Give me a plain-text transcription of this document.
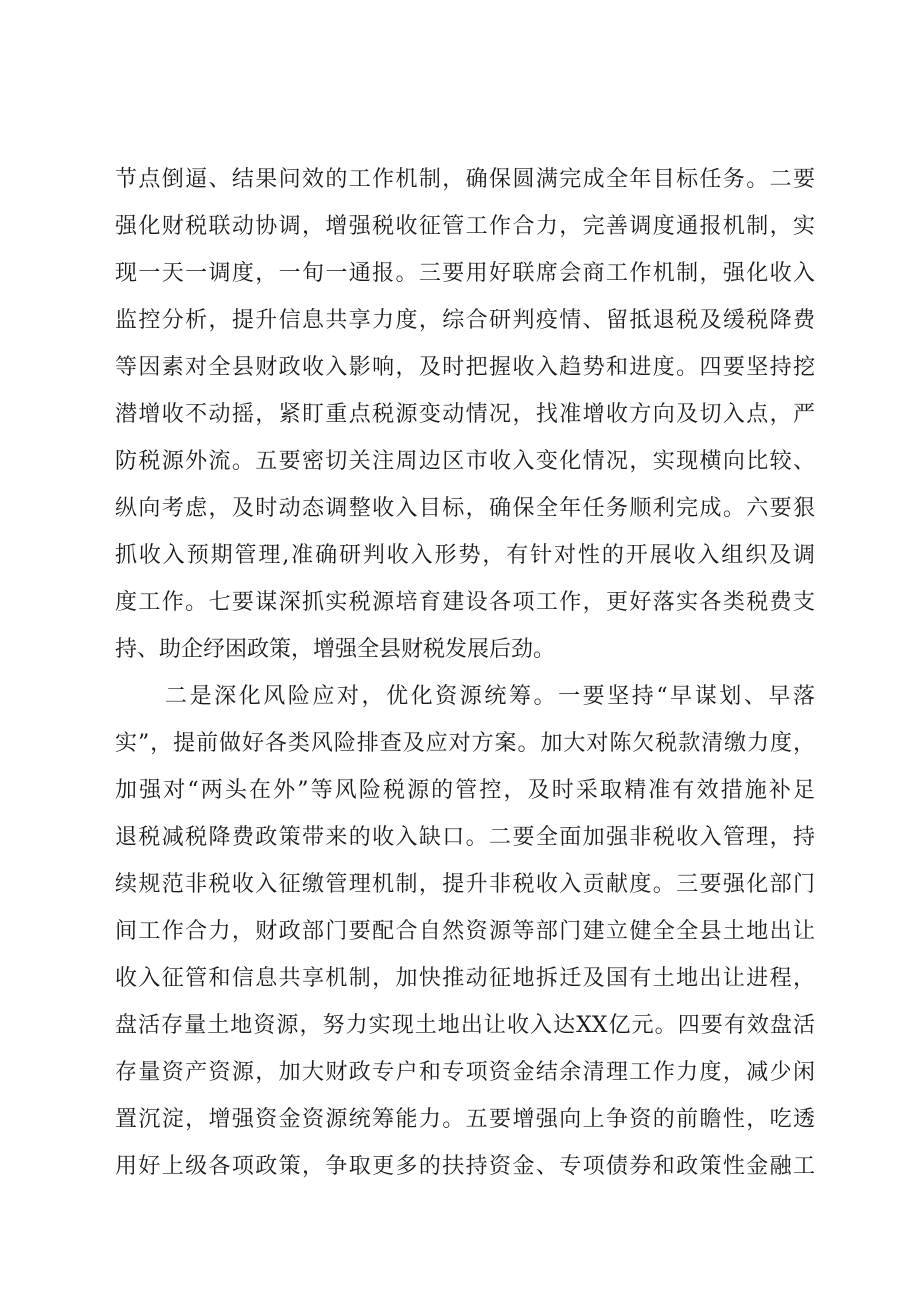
节点倒逼、结果问效的工作机制，确保圆满完成全年目标任务。二要
强化财税联动协调，增强税收征管工作合力，完善调度通报机制，实
现一天一调度，一旬一通报。三要用好联席会商工作机制，强化收入
监控分析，提升信息共享力度，综合研判疫情、留抵退税及缓税降费
等因素对全县财政收入影响，及时把握收入趋势和进度。四要坚持挖
潜增收不动摇，紧盯重点税源变动情况，找准增收方向及切入点，严
防税源外流。五要密切关注周边区市收入变化情况，实现横向比较、
纵向考虑，及时动态调整收入目标，确保全年任务顺利完成。六要狠
抓收入预期管理,准确研判收入形势，有针对性的开展收入组织及调
度工作。七要谋深抓实税源培育建设各项工作，更好落实各类税费支
持、助企纾困政策，增强全县财税发展后劲。
二是深化风险应对，优化资源统筹。一要坚持“早谋划、早落
实”，提前做好各类风险排查及应对方案。加大对陈欠税款清缴力度，
加强对“两头在外”等风险税源的管控，及时采取精准有效措施补足
退税减税降费政策带来的收入缺口。二要全面加强非税收入管理，持
续规范非税收入征缴管理机制，提升非税收入贡献度。三要强化部门
间工作合力，财政部门要配合自然资源等部门建立健全全县土地出让
收入征管和信息共享机制，加快推动征地拆迁及国有土地出让进程，
盘活存量土地资源，努力实现土地出让收入达XX亿元。四要有效盘活
存量资产资源，加大财政专户和专项资金结余清理工作力度，减少闲
置沉淀，增强资金资源统筹能力。五要增强向上争资的前瞻性，吃透
用好上级各项政策，争取更多的扶持资金、专项债券和政策性金融工
